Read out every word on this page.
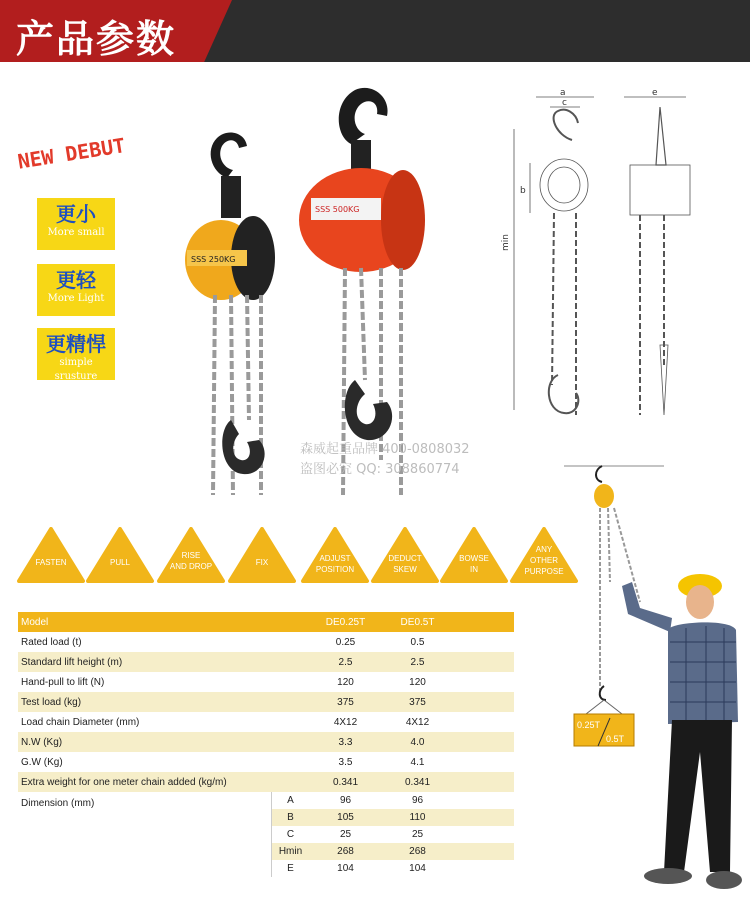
产品参数
NEW DEBUT
更小
More small
更轻
More Light
更精悍
simple srusture
SSS 250KG
SSS 500KG
a
c
b
min
e
森威起重品牌 400-0808032
盗图必究 QQ: 308860774
FASTEN	PULL
RISE
AND DROP	FIX	ADJUST
POSITION
DEDUCT
SKEW
BOWSE
IN
ANY
OTHER
PURPOSE
Model		DE0.25T	DE0.5T	
Rated load (t)		0.25	0.5	
Standard lift height (m)		2.5	2.5	
Hand-pull to lift (N)		120	120	
Test load (kg)		375	375	
Load chain Diameter (mm)		4X12	4X12	
N.W (Kg)		3.3	4.0	
G.W (Kg)		3.5	4.1	
Extra weight for one meter chain added (kg/m)		0.341	0.341	
Dimension (mm)	A	96	96	
	B	105	110	
	C	25	25	
	Hmin	268	268	
	E	104	104	
0.25T
0.5T
